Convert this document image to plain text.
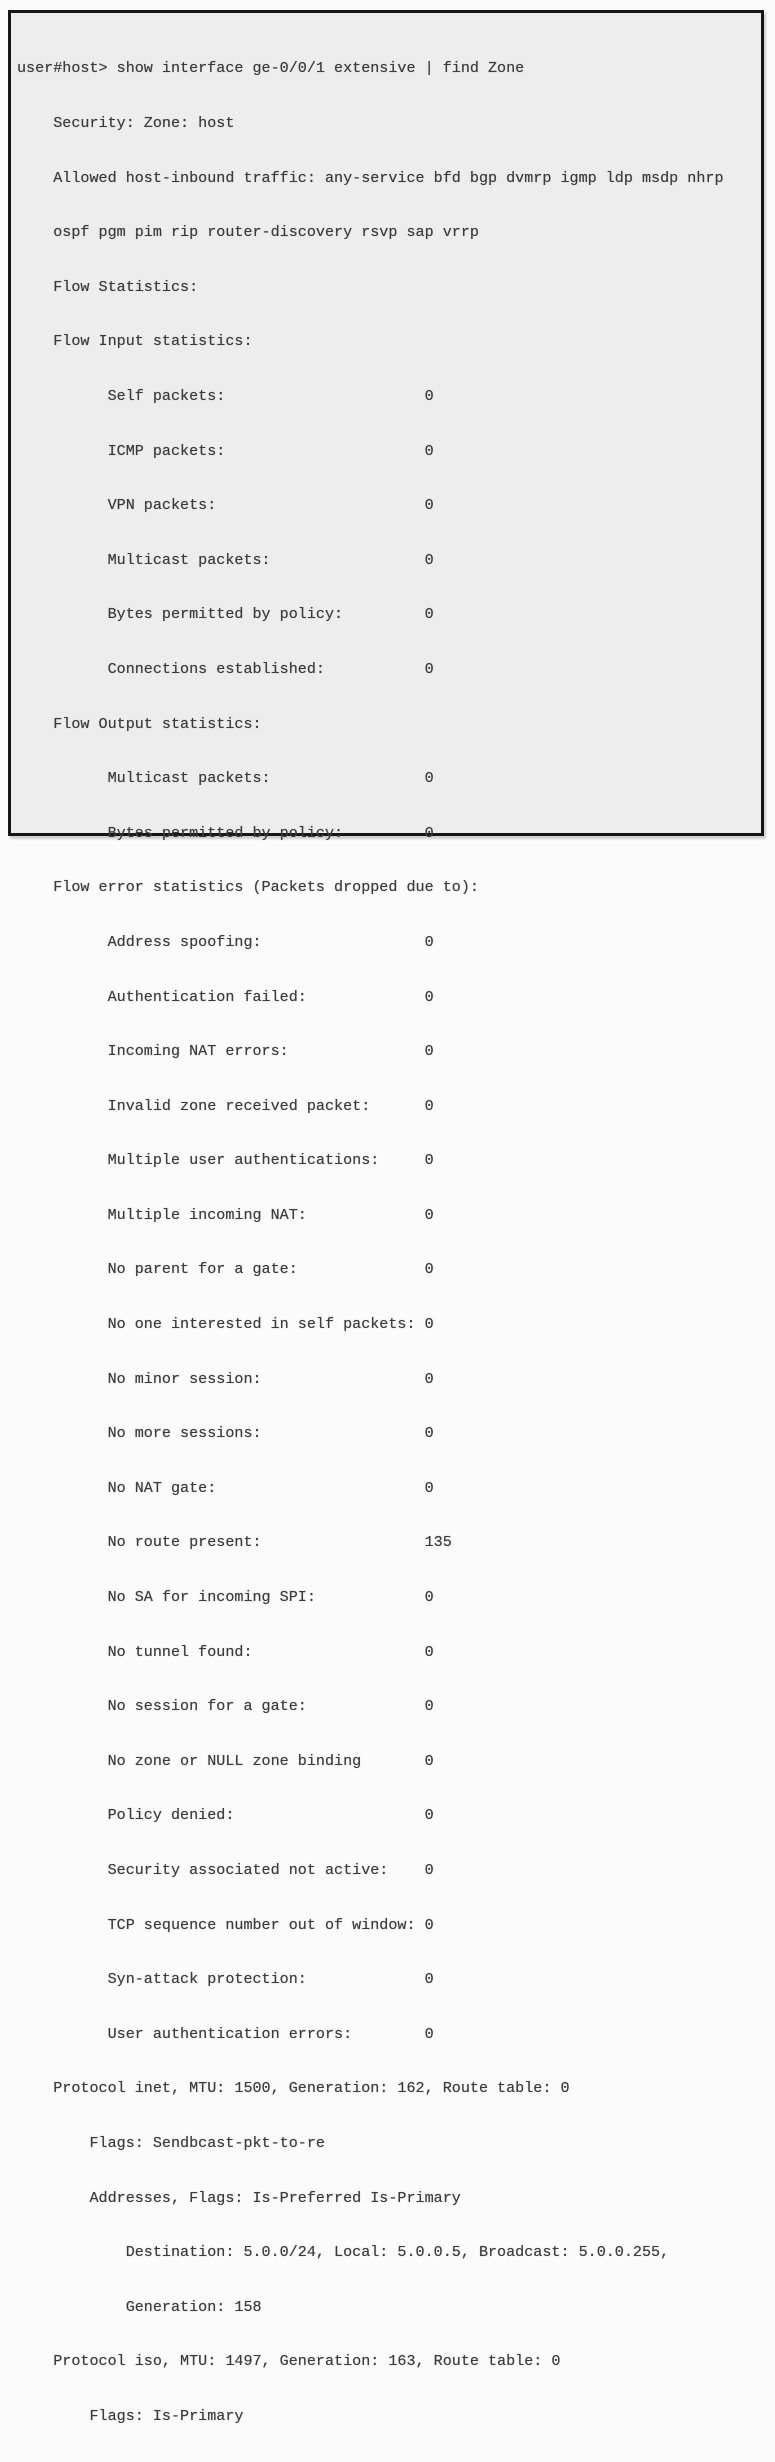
user#host> show interface ge-0/0/1 extensive | find Zone

Security: Zone: host

Allowed host-inbound traffic: any-service bfd bgp dvmrp igmp ldp msdp nhrp

ospf pgm pim rip router-discovery rsvp sap vrrp

Flow Statistics:

Flow Input statistics:

Self packets:                      0

ICMP packets:                      0

VPN packets:                       0

Multicast packets:                 0

Bytes permitted by policy:         0

Connections established:           0

Flow Output statistics:

Multicast packets:                 0

Bytes permitted by policy:         0

Flow error statistics (Packets dropped due to):

Address spoofing:                  0

Authentication failed:             0

Incoming NAT errors:               0

Invalid zone received packet:      0

Multiple user authentications:     0

Multiple incoming NAT:             0

No parent for a gate:              0

No one interested in self packets: 0

No minor session:                  0

No more sessions:                  0

No NAT gate:                       0

No route present:                  135

No SA for incoming SPI:            0

No tunnel found:                   0

No session for a gate:             0

No zone or NULL zone binding       0

Policy denied:                     0

Security associated not active:    0

TCP sequence number out of window: 0

Syn-attack protection:             0

User authentication errors:        0

Protocol inet, MTU: 1500, Generation: 162, Route table: 0

Flags: Sendbcast-pkt-to-re

Addresses, Flags: Is-Preferred Is-Primary

Destination: 5.0.0/24, Local: 5.0.0.5, Broadcast: 5.0.0.255,

Generation: 158

Protocol iso, MTU: 1497, Generation: 163, Route table: 0

Flags: Is-Primary
